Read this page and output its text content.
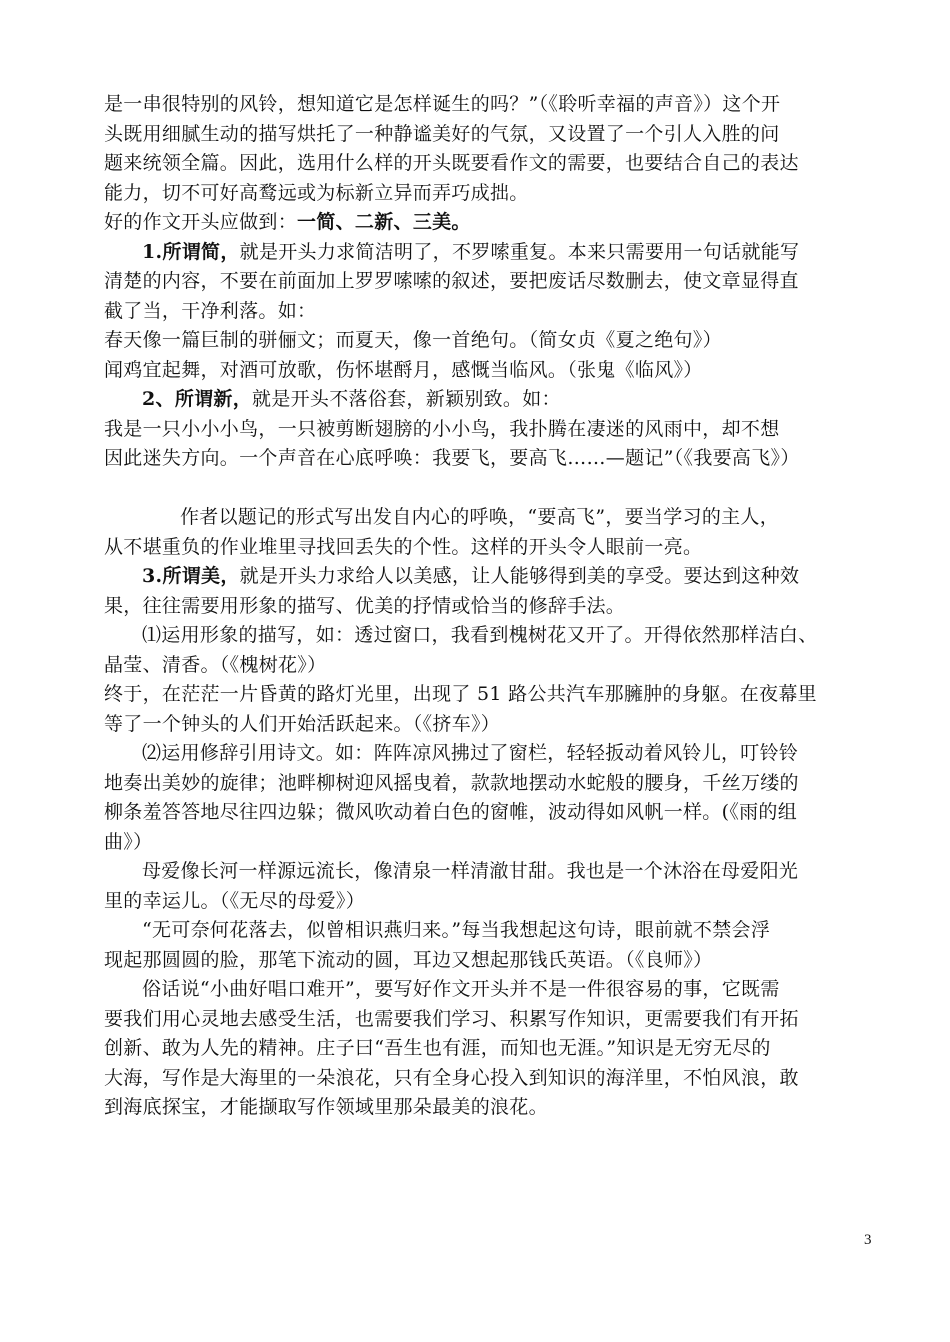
是一串很特别的风铃，想知道它是怎样诞生的吗？”（《聆听幸福的声音》）这个开
头既用细腻生动的描写烘托了一种静谧美好的气氛，又设置了一个引人入胜的问
题来统领全篇。因此，选用什么样的开头既要看作文的需要，也要结合自己的表达
能力，切不可好高鹜远或为标新立异而弄巧成拙。
好的作文开头应做到：一简、二新、三美。
1.所谓简，就是开头力求简洁明了，不罗嗦重复。本来只需要用一句话就能写
清楚的内容，不要在前面加上罗罗嗦嗦的叙述，要把废话尽数删去，使文章显得直
截了当，干净利落。如：
春天像一篇巨制的骈俪文；而夏天，像一首绝句。（简女贞《夏之绝句》）
闻鸡宜起舞，对酒可放歌，伤怀堪酹月，感慨当临风。（张鬼《临风》）
2、所谓新，就是开头不落俗套，新颖别致。如：
我是一只小小小鸟，一只被剪断翅膀的小小鸟，我扑腾在凄迷的风雨中，却不想
因此迷失方向。一个声音在心底呼唤：我要飞，要高飞……—题记”（《我要高飞》）
作者以题记的形式写出发自内心的呼唤，“要高飞”，要当学习的主人，
从不堪重负的作业堆里寻找回丢失的个性。这样的开头令人眼前一亮。
3.所谓美，就是开头力求给人以美感，让人能够得到美的享受。要达到这种效
果，往往需要用形象的描写、优美的抒情或恰当的修辞手法。
⑴运用形象的描写，如：透过窗口，我看到槐树花又开了。开得依然那样洁白、
晶莹、清香。（《槐树花》）
终于，在茫茫一片昏黄的路灯光里，出现了 51 路公共汽车那臃肿的身躯。在夜幕里
等了一个钟头的人们开始活跃起来。（《挤车》）
⑵运用修辞引用诗文。如：阵阵凉风拂过了窗栏，轻轻扳动着风铃儿，叮铃铃
地奏出美妙的旋律；池畔柳树迎风摇曳着，款款地摆动水蛇般的腰身，千丝万缕的
柳条羞答答地尽往四边躲；微风吹动着白色的窗帷，波动得如风帆一样。(《雨的组
曲》）
母爱像长河一样源远流长，像清泉一样清澈甘甜。我也是一个沐浴在母爱阳光
里的幸运儿。（《无尽的母爱》）
“无可奈何花落去，似曾相识燕归来。”每当我想起这句诗，眼前就不禁会浮
现起那圆圆的脸，那笔下流动的圆，耳边又想起那钱氏英语。（《良师》）
俗话说“小曲好唱口难开”，要写好作文开头并不是一件很容易的事，它既需
要我们用心灵地去感受生活，也需要我们学习、积累写作知识，更需要我们有开拓
创新、敢为人先的精神。庄子曰“吾生也有涯，而知也无涯。”知识是无穷无尽的
大海，写作是大海里的一朵浪花，只有全身心投入到知识的海洋里，不怕风浪，敢
到海底探宝，才能撷取写作领域里那朵最美的浪花。
3
